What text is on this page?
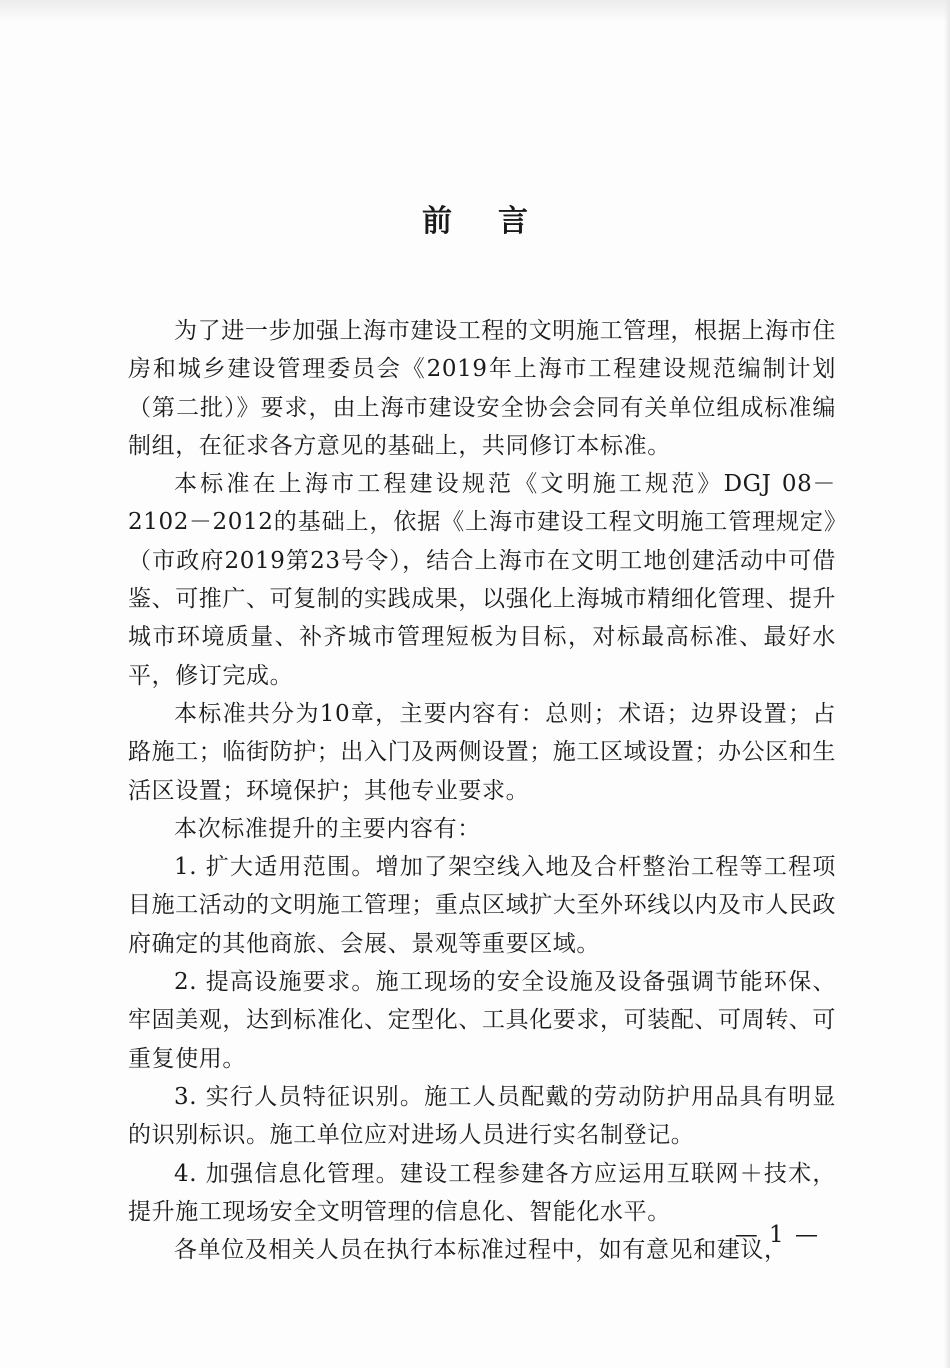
前言

为了进一步加强上海市建设工程的文明施工管理，根据上海市住房和城乡建设管理委员会《2019年上海市工程建设规范编制计划（第二批）》要求，由上海市建设安全协会会同有关单位组成标准编制组，在征求各方意见的基础上，共同修订本标准。

本标准在上海市工程建设规范《文明施工规范》DGJ 08－2102－2012的基础上，依据《上海市建设工程文明施工管理规定》（市政府2019第23号令），结合上海市在文明工地创建活动中可借鉴、可推广、可复制的实践成果，以强化上海城市精细化管理、提升城市环境质量、补齐城市管理短板为目标，对标最高标准、最好水平，修订完成。

本标准共分为10章，主要内容有：总则；术语；边界设置；占路施工；临街防护；出入门及两侧设置；施工区域设置；办公区和生活区设置；环境保护；其他专业要求。

本次标准提升的主要内容有：

1. 扩大适用范围。增加了架空线入地及合杆整治工程等工程项目施工活动的文明施工管理；重点区域扩大至外环线以内及市人民政府确定的其他商旅、会展、景观等重要区域。

2. 提高设施要求。施工现场的安全设施及设备强调节能环保、牢固美观，达到标准化、定型化、工具化要求，可装配、可周转、可重复使用。

3. 实行人员特征识别。施工人员配戴的劳动防护用品具有明显的识别标识。施工单位应对进场人员进行实名制登记。

4. 加强信息化管理。建设工程参建各方应运用互联网＋技术，提升施工现场安全文明管理的信息化、智能化水平。

各单位及相关人员在执行本标准过程中，如有意见和建议，

— 1 —
